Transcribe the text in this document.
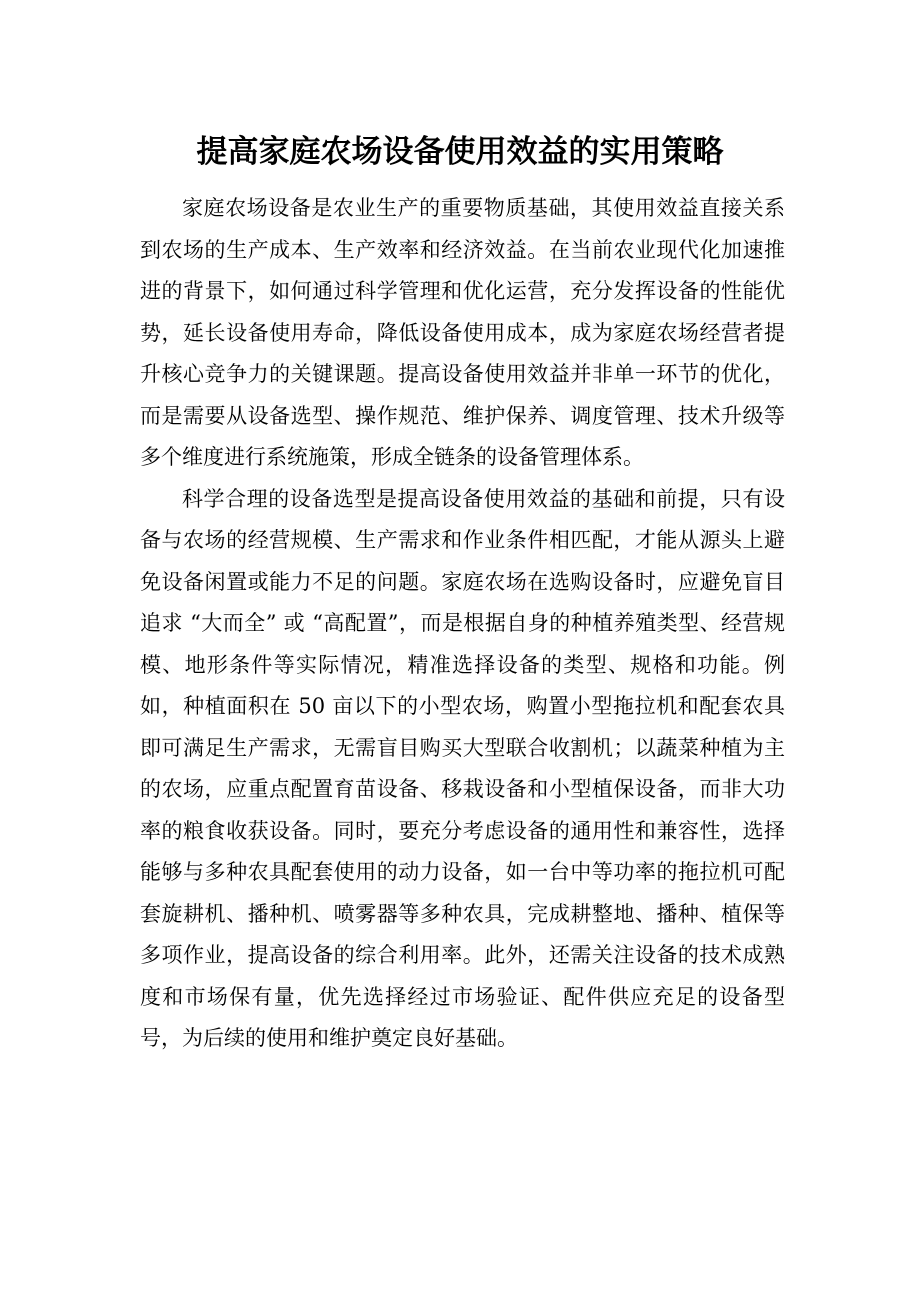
提高家庭农场设备使用效益的实用策略

家庭农场设备是农业生产的重要物质基础，其使用效益直接关系到农场的生产成本、生产效率和经济效益。在当前农业现代化加速推进的背景下，如何通过科学管理和优化运营，充分发挥设备的性能优势，延长设备使用寿命，降低设备使用成本，成为家庭农场经营者提升核心竞争力的关键课题。提高设备使用效益并非单一环节的优化，而是需要从设备选型、操作规范、维护保养、调度管理、技术升级等多个维度进行系统施策，形成全链条的设备管理体系。

科学合理的设备选型是提高设备使用效益的基础和前提，只有设备与农场的经营规模、生产需求和作业条件相匹配，才能从源头上避免设备闲置或能力不足的问题。家庭农场在选购设备时，应避免盲目追求 “大而全” 或 “高配置”，而是根据自身的种植养殖类型、经营规模、地形条件等实际情况，精准选择设备的类型、规格和功能。例如，种植面积在 50 亩以下的小型农场，购置小型拖拉机和配套农具即可满足生产需求，无需盲目购买大型联合收割机；以蔬菜种植为主的农场，应重点配置育苗设备、移栽设备和小型植保设备，而非大功率的粮食收获设备。同时，要充分考虑设备的通用性和兼容性，选择能够与多种农具配套使用的动力设备，如一台中等功率的拖拉机可配套旋耕机、播种机、喷雾器等多种农具，完成耕整地、播种、植保等多项作业，提高设备的综合利用率。此外，还需关注设备的技术成熟度和市场保有量，优先选择经过市场验证、配件供应充足的设备型号，为后续的使用和维护奠定良好基础。
